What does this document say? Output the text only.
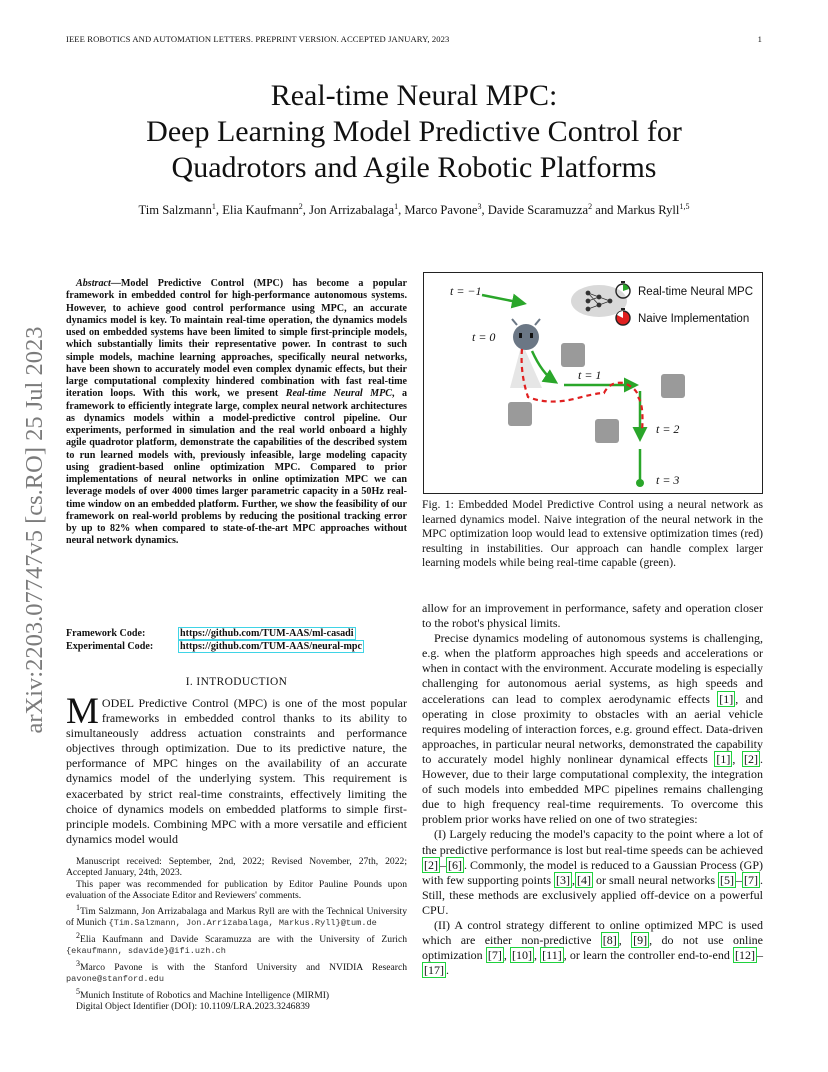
IEEE ROBOTICS AND AUTOMATION LETTERS. PREPRINT VERSION. ACCEPTED JANUARY, 2023	1
arXiv:2203.07747v5 [cs.RO] 25 Jul 2023
Real-time Neural MPC:
Deep Learning Model Predictive Control for
Quadrotors and Agile Robotic Platforms
Tim Salzmann$^1$, Elia Kaufmann$^2$, Jon Arrizabalaga$^1$, Marco Pavone$^3$, Davide Scaramuzza$^2$ and Markus Ryll$^{1,5}$
Abstract—Model Predictive Control (MPC) has become a popular framework in embedded control for high-performance autonomous systems. However, to achieve good control performance using MPC, an accurate dynamics model is key. To maintain real-time operation, the dynamics models used on embedded systems have been limited to simple first-principle models, which substantially limits their representative power. In contrast to such simple models, machine learning approaches, specifically neural networks, have been shown to accurately model even complex dynamic effects, but their large computational complexity hindered combination with fast real-time iteration loops. With this work, we present Real-time Neural MPC, a framework to efficiently integrate large, complex neural network architectures as dynamics models within a model-predictive control pipeline. Our experiments, performed in simulation and the real world onboard a highly agile quadrotor platform, demonstrate the capabilities of the described system to run learned models with, previously infeasible, large modeling capacity using gradient-based online optimization MPC. Compared to prior implementations of neural networks in online optimization MPC we can leverage models of over 4000 times larger parametric capacity in a 50Hz real-time window on an embedded platform. Further, we show the feasibility of our framework on real-world problems by reducing the positional tracking error by up to 82% when compared to state-of-the-art MPC approaches without neural network dynamics.
Framework Code:	https://github.com/TUM-AAS/ml-casadi
Experimental Code:	https://github.com/TUM-AAS/neural-mpc
I. INTRODUCTION
MODEL Predictive Control (MPC) is one of the most popular frameworks in embedded control thanks to its ability to simultaneously address actuation constraints and performance objectives through optimization. Due to its predictive nature, the performance of MPC hinges on the availability of an accurate dynamics model of the underlying system. This requirement is exacerbated by strict real-time constraints, effectively limiting the choice of dynamics models on embedded platforms to simple first-principle models. Combining MPC with a more versatile and efficient dynamics model would

Manuscript received: September, 2nd, 2022; Revised November, 27th, 2022; Accepted January, 24th, 2023.

This paper was recommended for publication by Editor Pauline Pounds upon evaluation of the Associate Editor and Reviewers' comments.

$^1$Tim Salzmann, Jon Arrizabalaga and Markus Ryll are with the Technical University of Munich {Tim.Salzmann, Jon.Arrizabalaga, Markus.Ryll}@tum.de

$^2$Elia Kaufmann and Davide Scaramuzza are with the University of Zurich {ekaufmann, sdavide}@ifi.uzh.ch

$^3$Marco Pavone is with the Stanford University and NVIDIA Research pavone@stanford.edu

$^5$Munich Institute of Robotics and Machine Intelligence (MIRMI)

Digital Object Identifier (DOI): 10.1109/LRA.2023.3246839

t = −1
t = 0
t = 1
t = 2
t = 3
Real-time Neural MPC
Naive Implementation
Fig. 1: Embedded Model Predictive Control using a neural network as learned dynamics model. Naive integration of the neural network in the MPC optimization loop would lead to extensive optimization times (red) resulting in instabilities. Our approach can handle complex larger learning models while being real-time capable (green).

allow for an improvement in performance, safety and operation closer to the robot's physical limits.

Precise dynamics modeling of autonomous systems is challenging, e.g. when the platform approaches high speeds and accelerations or when in contact with the environment. Accurate modeling is especially challenging for autonomous aerial systems, as high speeds and accelerations can lead to complex aerodynamic effects [1] , and operating in close proximity to obstacles with an aerial vehicle requires modeling of interaction forces, e.g. ground effect. Data-driven approaches, in particular neural networks, demonstrated the capability to accurately model highly nonlinear dynamical effects [1] , [2] . However, due to their large computational complexity, the integration of such models into embedded MPC pipelines remains challenging due to high frequency real-time requirements. To overcome this problem prior works have relied on one of two strategies:

(I) Largely reducing the model's capacity to the point where a lot of the predictive performance is lost but real-time speeds can be achieved [2] – [6] . Commonly, the model is reduced to a Gaussian Process (GP) with few supporting points [3] , [4] or small neural networks [5] – [7] . Still, these methods are exclusively applied off-device on a powerful CPU.

(II) A control strategy different to online optimized MPC is used which are either non-predictive [8] , [9] , do not use online optimization [7] , [10] , [11] , or learn the controller end-to-end [12] –[17] .
